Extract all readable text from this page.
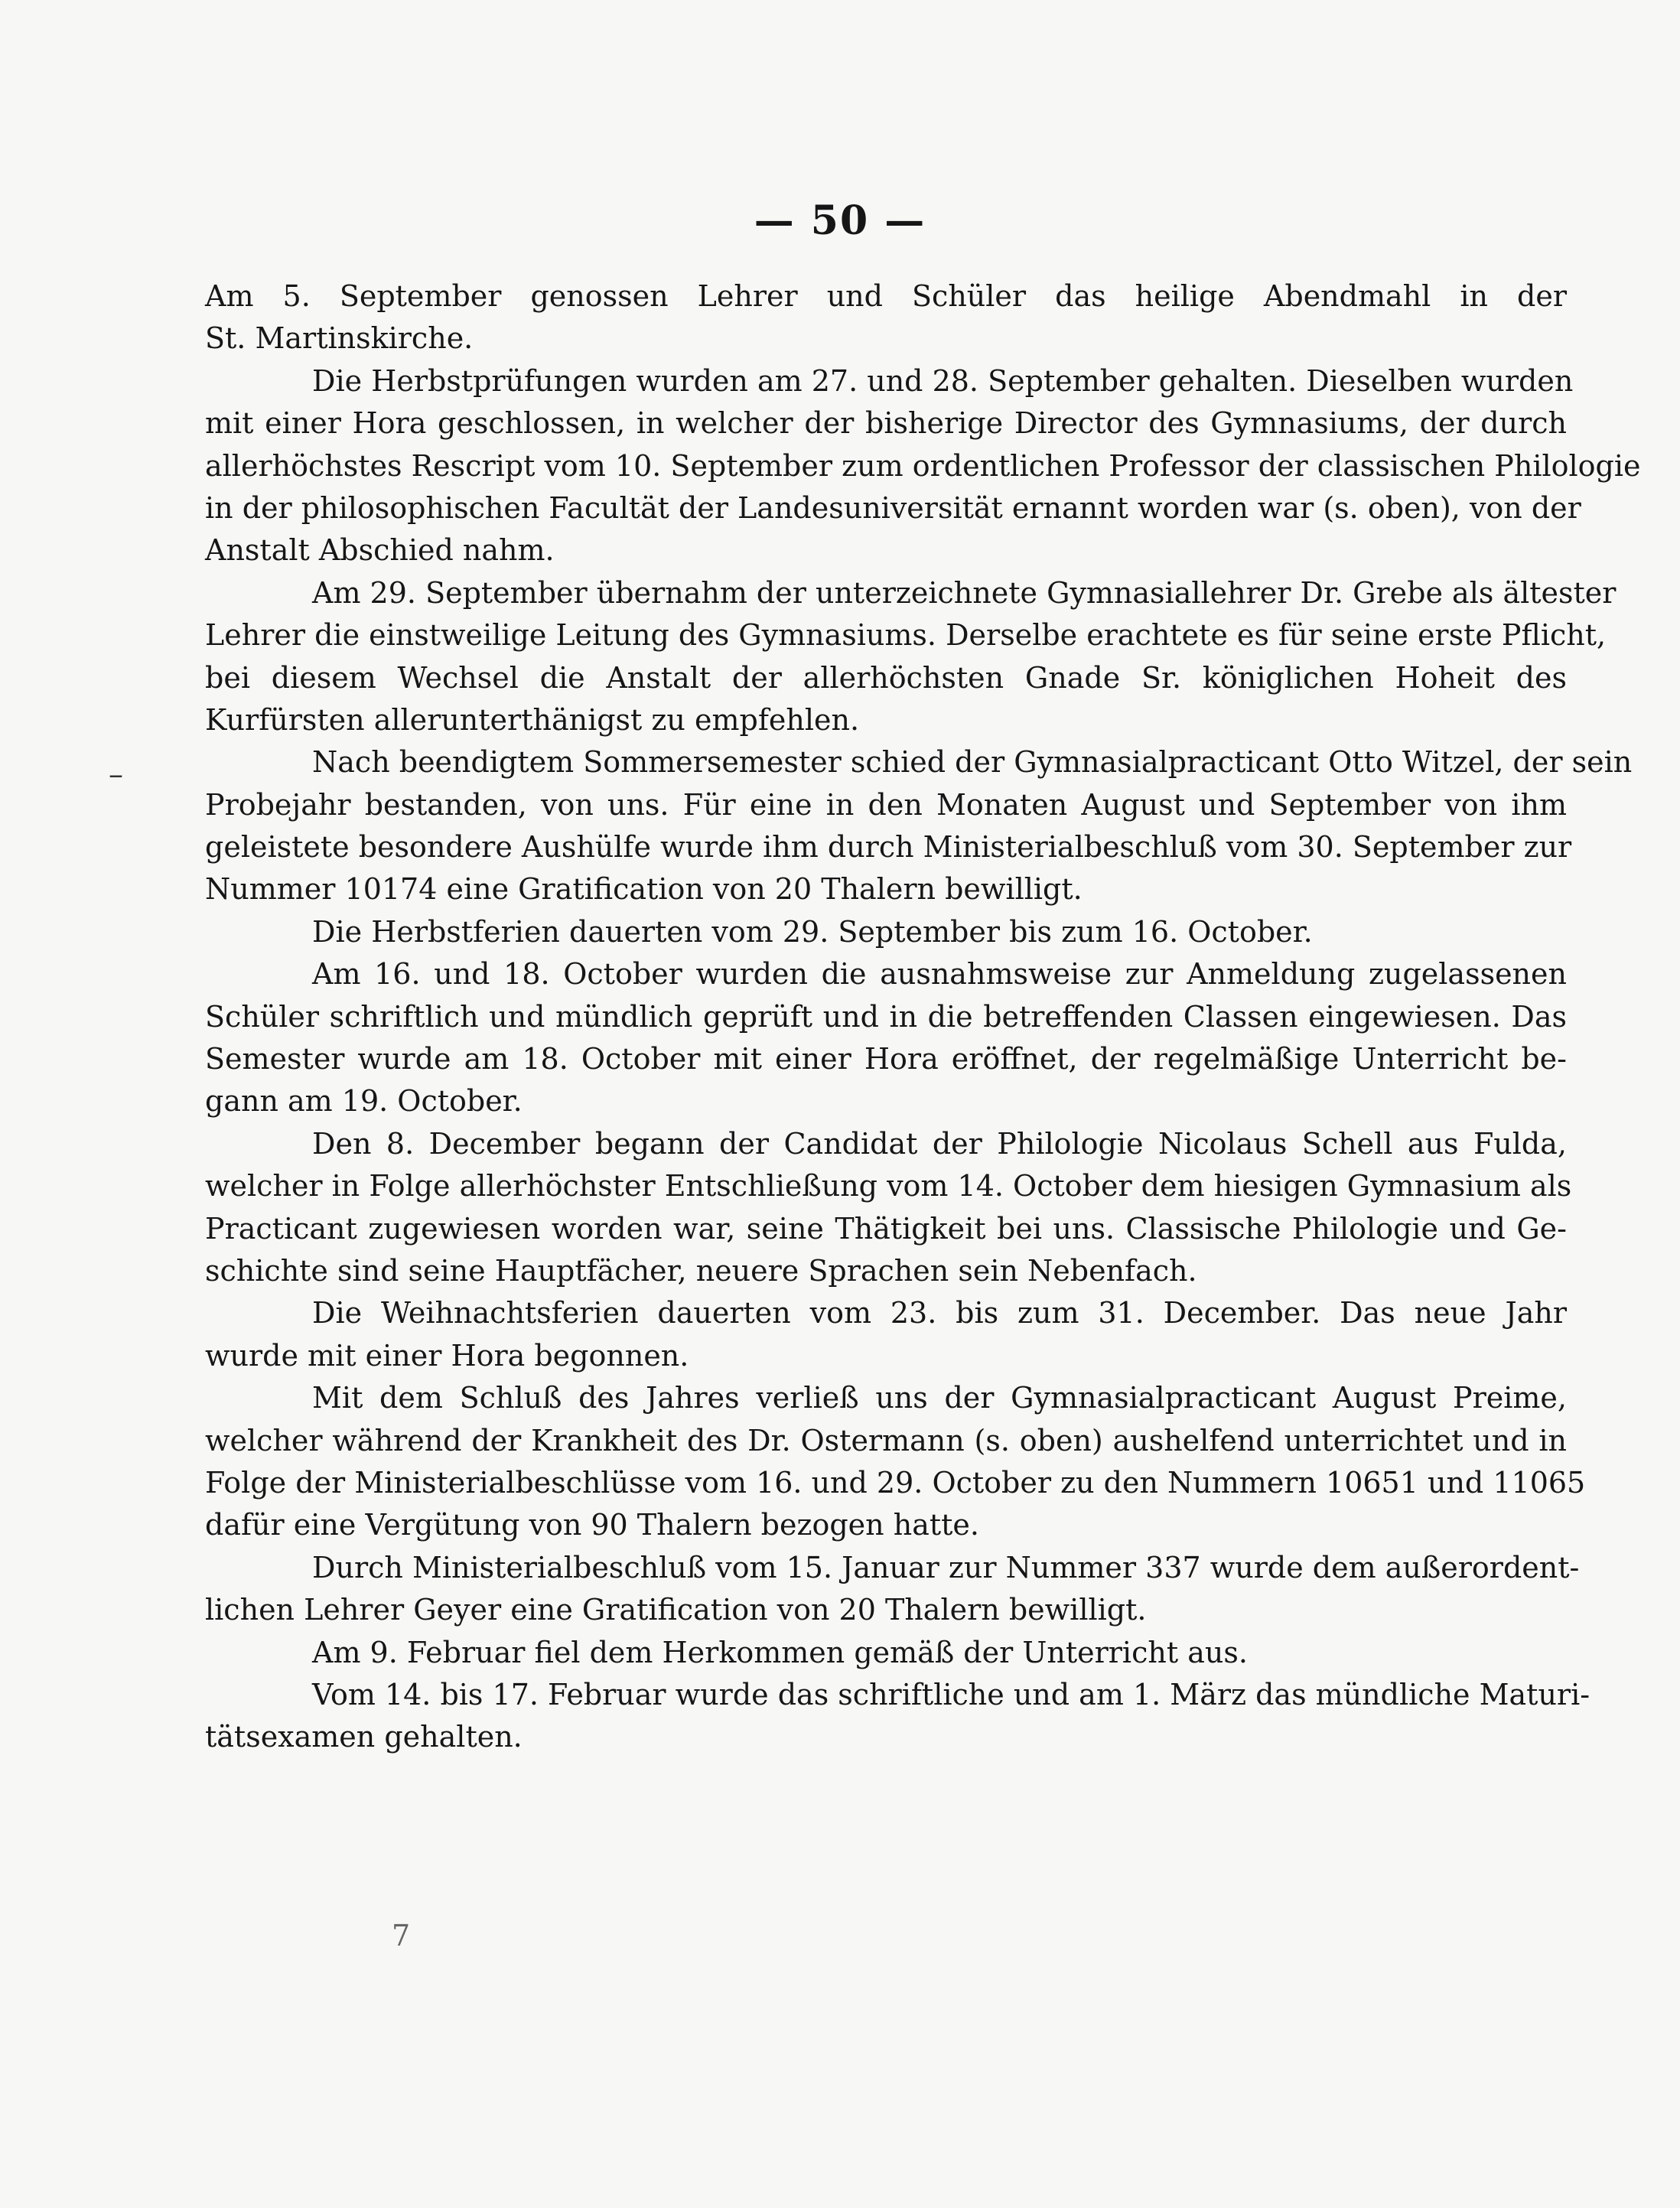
— 50 —
–
Am 5. September genossen Lehrer und Schüler das heilige Abendmahl in der
St. Martinskirche.
Die Herbstprüfungen wurden am 27. und 28. September gehalten. Dieselben wurden
mit einer Hora geschlossen, in welcher der bisherige Director des Gymnasiums, der durch
allerhöchstes Rescript vom 10. September zum ordentlichen Professor der classischen Philologie
in der philosophischen Facultät der Landesuniversität ernannt worden war (s. oben), von der
Anstalt Abschied nahm.
Am 29. September übernahm der unterzeichnete Gymnasiallehrer Dr. Grebe als ältester
Lehrer die einstweilige Leitung des Gymnasiums. Derselbe erachtete es für seine erste Pflicht,
bei diesem Wechsel die Anstalt der allerhöchsten Gnade Sr. königlichen Hoheit des
Kurfürsten allerunterthänigst zu empfehlen.
Nach beendigtem Sommersemester schied der Gymnasialpracticant Otto Witzel, der sein
Probejahr bestanden, von uns. Für eine in den Monaten August und September von ihm
geleistete besondere Aushülfe wurde ihm durch Ministerialbeschluß vom 30. September zur
Nummer 10174 eine Gratification von 20 Thalern bewilligt.
Die Herbstferien dauerten vom 29. September bis zum 16. October.
Am 16. und 18. October wurden die ausnahmsweise zur Anmeldung zugelassenen
Schüler schriftlich und mündlich geprüft und in die betreffenden Classen eingewiesen. Das
Semester wurde am 18. October mit einer Hora eröffnet, der regelmäßige Unterricht be-
gann am 19. October.
Den 8. December begann der Candidat der Philologie Nicolaus Schell aus Fulda,
welcher in Folge allerhöchster Entschließung vom 14. October dem hiesigen Gymnasium als
Practicant zugewiesen worden war, seine Thätigkeit bei uns. Classische Philologie und Ge-
schichte sind seine Hauptfächer, neuere Sprachen sein Nebenfach.
Die Weihnachtsferien dauerten vom 23. bis zum 31. December. Das neue Jahr
wurde mit einer Hora begonnen.
Mit dem Schluß des Jahres verließ uns der Gymnasialpracticant August Preime,
welcher während der Krankheit des Dr. Ostermann (s. oben) aushelfend unterrichtet und in
Folge der Ministerialbeschlüsse vom 16. und 29. October zu den Nummern 10651 und 11065
dafür eine Vergütung von 90 Thalern bezogen hatte.
Durch Ministerialbeschluß vom 15. Januar zur Nummer 337 wurde dem außerordent-
lichen Lehrer Geyer eine Gratification von 20 Thalern bewilligt.
Am 9. Februar fiel dem Herkommen gemäß der Unterricht aus.
Vom 14. bis 17. Februar wurde das schriftliche und am 1. März das mündliche Maturi-
tätsexamen gehalten.
7
